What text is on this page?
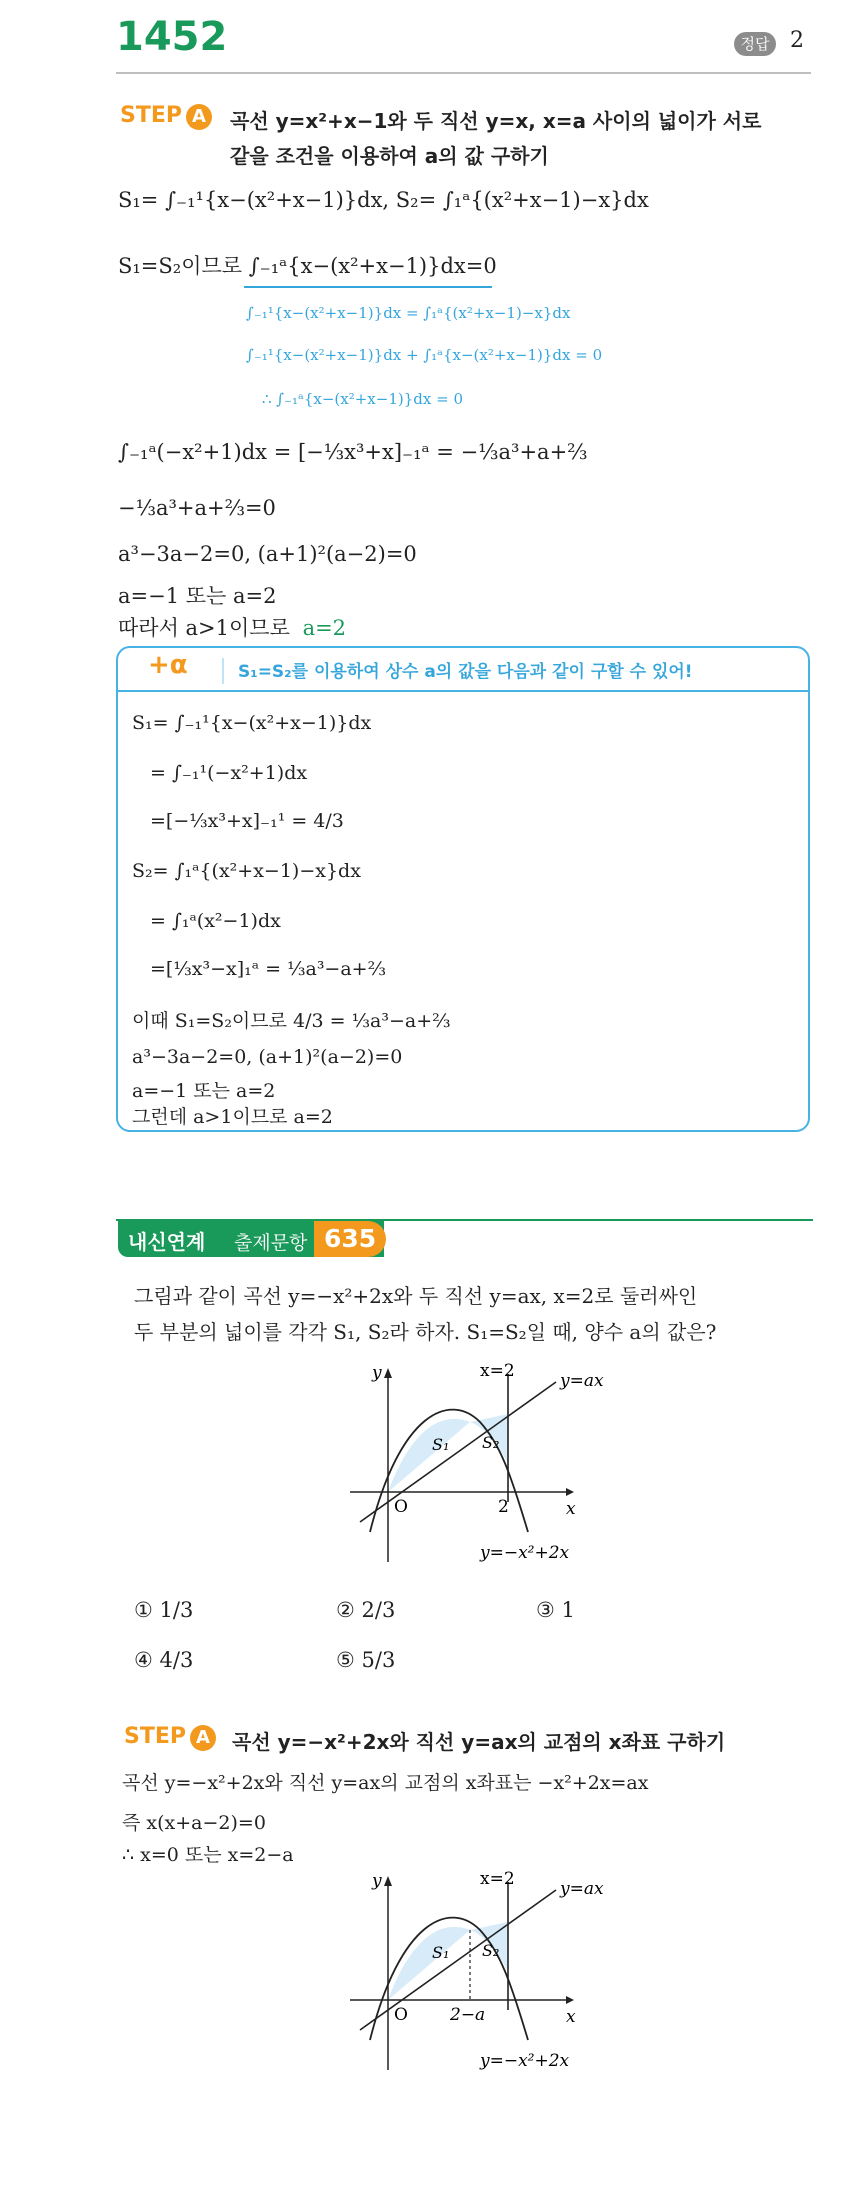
1452	정답 2
STEP A	곡선 y=x²+x−1와 두 직선 y=x, x=a 사이의 넓이가 서로
같을 조건을 이용하여 a의 값 구하기
S₁= ∫₋₁¹{x−(x²+x−1)}dx, S₂= ∫₁ᵃ{(x²+x−1)−x}dx
S₁=S₂이므로 ∫₋₁ᵃ{x−(x²+x−1)}dx=0
∫₋₁¹{x−(x²+x−1)}dx = ∫₁ᵃ{(x²+x−1)−x}dx
∫₋₁¹{x−(x²+x−1)}dx + ∫₁ᵃ{x−(x²+x−1)}dx = 0
∴ ∫₋₁ᵃ{x−(x²+x−1)}dx = 0
∫₋₁ᵃ(−x²+1)dx = [−⅓x³+x]₋₁ᵃ = −⅓a³+a+⅔
−⅓a³+a+⅔=0
a³−3a−2=0, (a+1)²(a−2)=0
a=−1 또는 a=2
따라서 a>1이므로 a=2
+α	S₁=S₂를 이용하여 상수 a의 값을 다음과 같이 구할 수 있어!
S₁= ∫₋₁¹{x−(x²+x−1)}dx
= ∫₋₁¹(−x²+1)dx
=[−⅓x³+x]₋₁¹ = 4/3
S₂= ∫₁ᵃ{(x²+x−1)−x}dx
= ∫₁ᵃ(x²−1)dx
=[⅓x³−x]₁ᵃ = ⅓a³−a+⅔
이때 S₁=S₂이므로 4/3 = ⅓a³−a+⅔
a³−3a−2=0, (a+1)²(a−2)=0
a=−1 또는 a=2
그런데 a>1이므로 a=2
내신연계 출제문항 635
그림과 같이 곡선 y=−x²+2x와 두 직선 y=ax, x=2로 둘러싸인
두 부분의 넓이를 각각 S₁, S₂라 하자. S₁=S₂일 때, 양수 a의 값은?
y
x
O	2
x=2	y=ax
y=−x²+2x
S₁ S₂
① 1/3	② 2/3	③ 1
④ 4/3	⑤ 5/3
STEP A	곡선 y=−x²+2x와 직선 y=ax의 교점의 x좌표 구하기
곡선 y=−x²+2x와 직선 y=ax의 교점의 x좌표는 −x²+2x=ax
즉 x(x+a−2)=0
∴ x=0 또는 x=2−a
y
x
O 2−a
x=2	y=ax
y=−x²+2x
S₁ S₂
